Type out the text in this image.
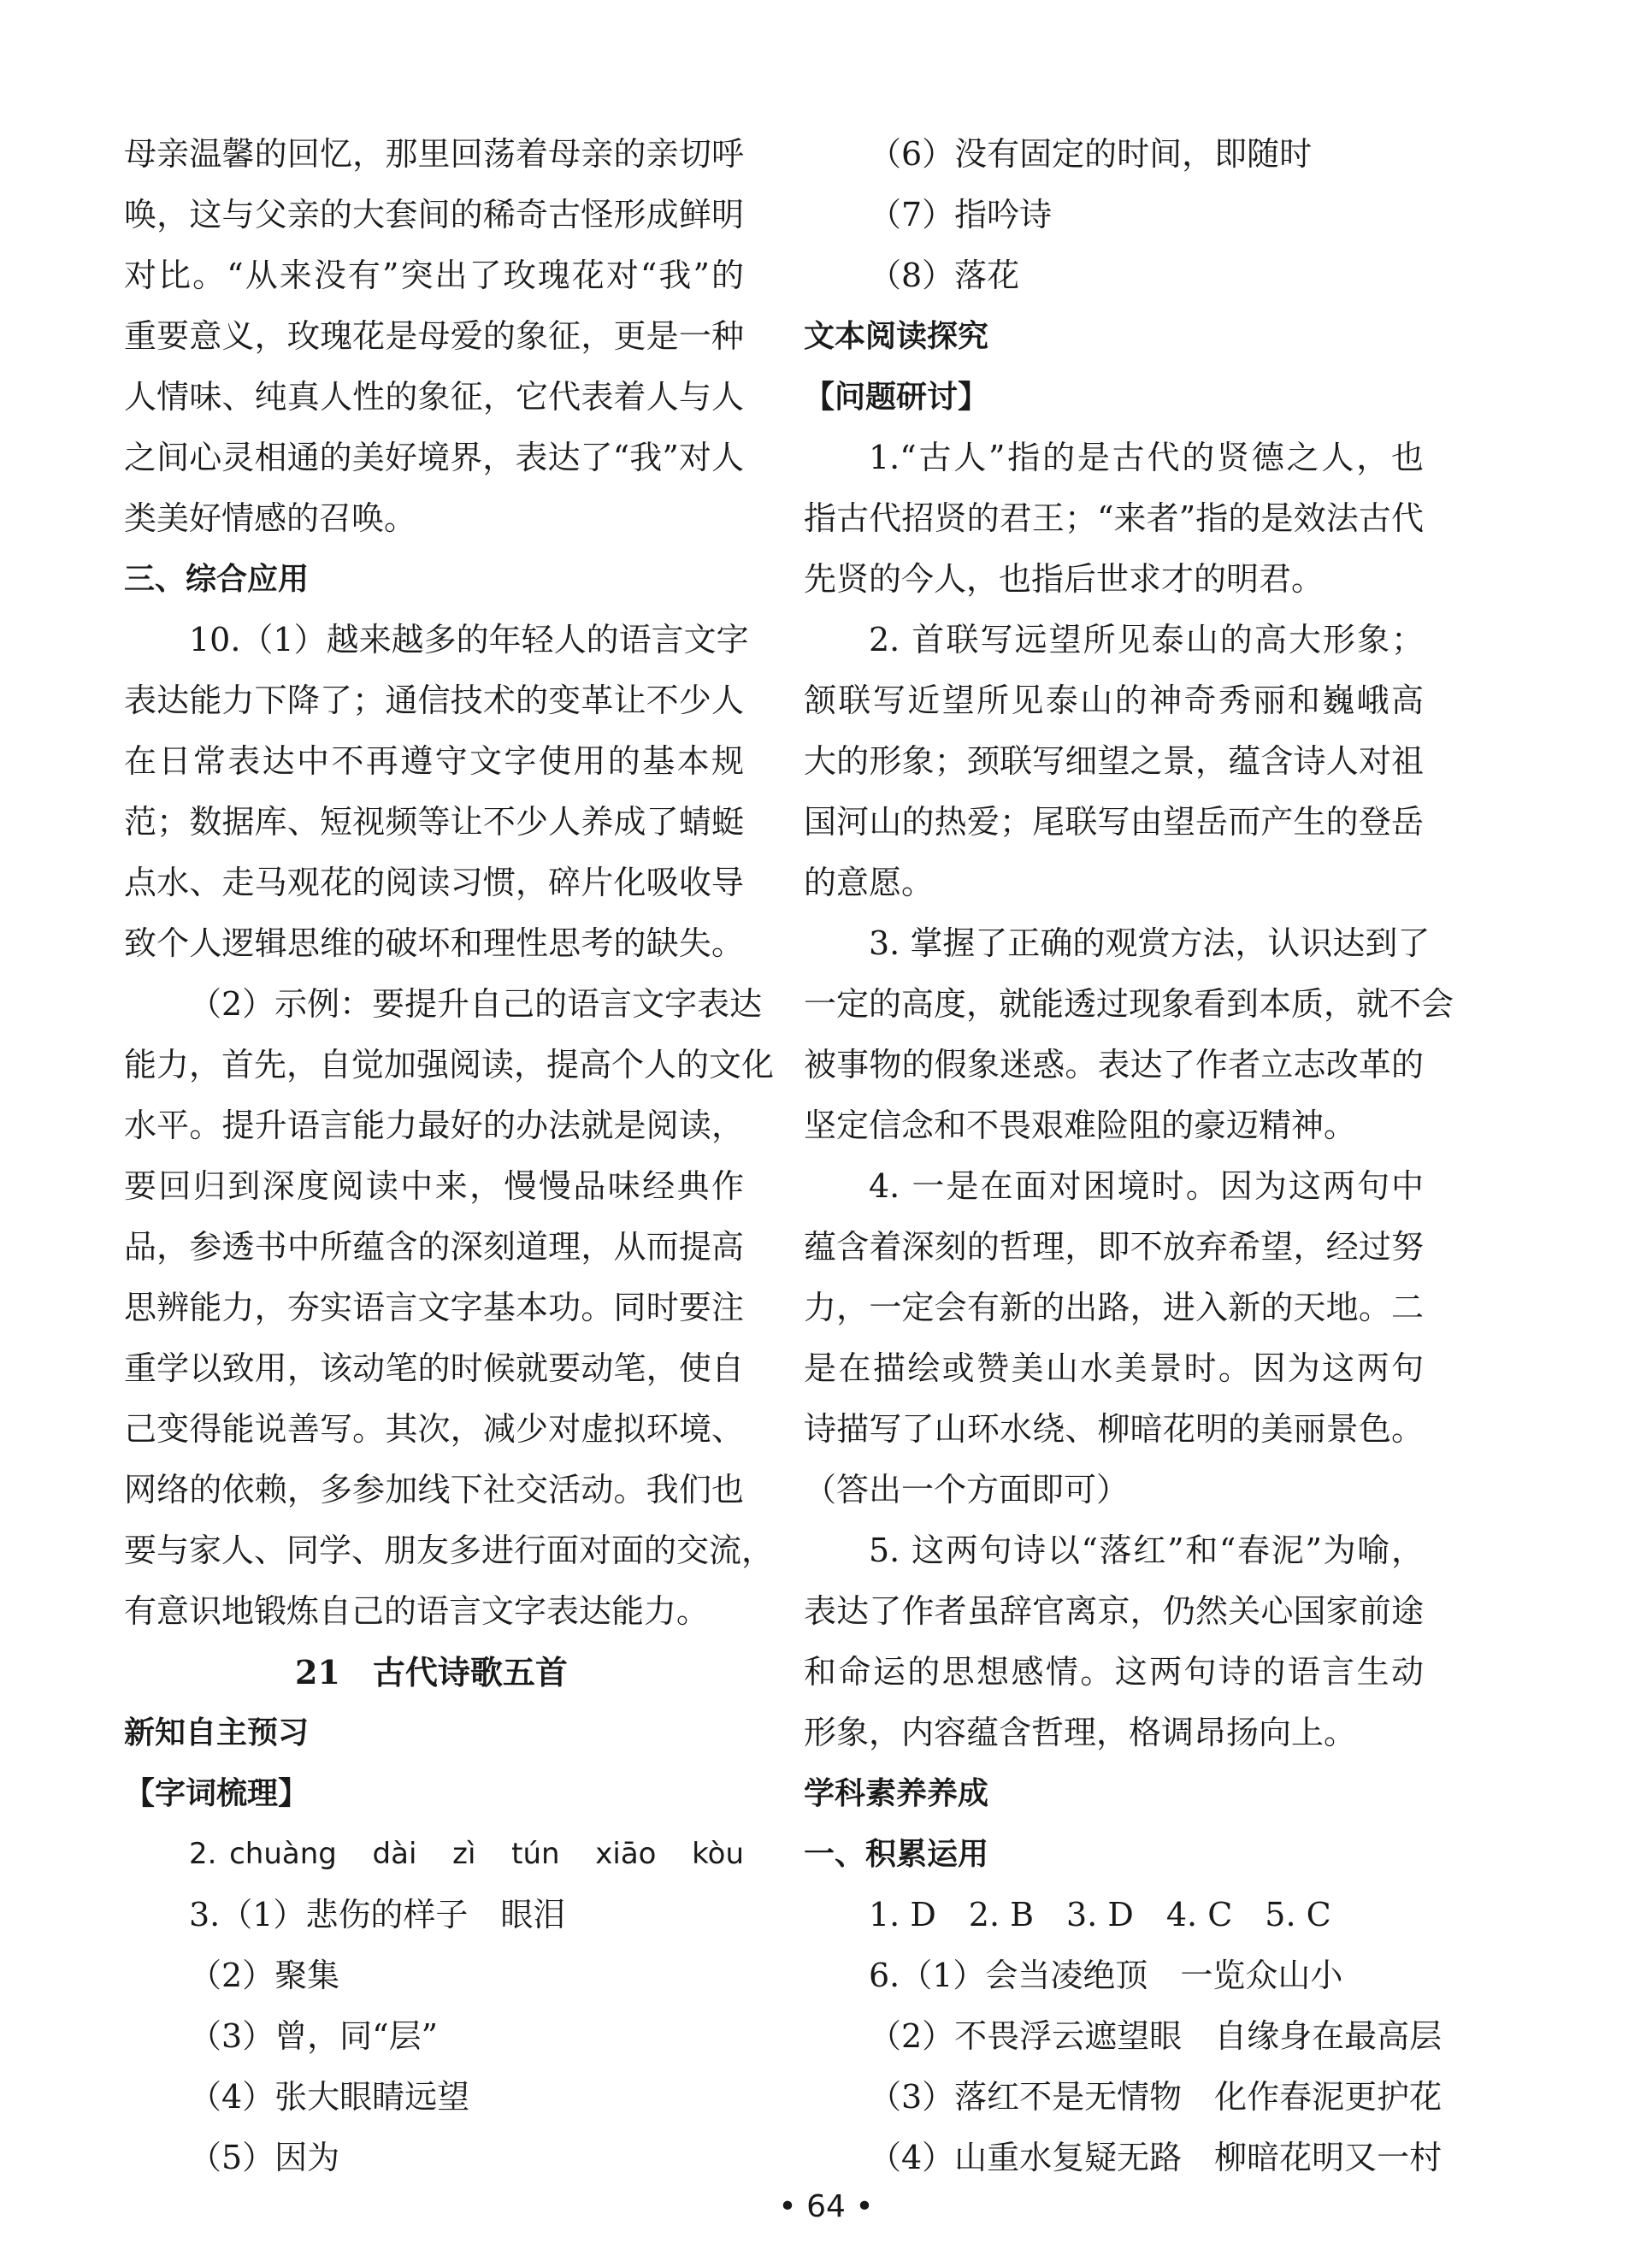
母亲温馨的回忆，那里回荡着母亲的亲切呼
唤，这与父亲的大套间的稀奇古怪形成鲜明
对比。“从来没有”突出了玫瑰花对“我”的
重要意义，玫瑰花是母爱的象征，更是一种
人情味、纯真人性的象征，它代表着人与人
之间心灵相通的美好境界，表达了“我”对人
类美好情感的召唤。
三、综合应用
10.（1）越来越多的年轻人的语言文字
表达能力下降了；通信技术的变革让不少人
在日常表达中不再遵守文字使用的基本规
范；数据库、短视频等让不少人养成了蜻蜓
点水、走马观花的阅读习惯，碎片化吸收导
致个人逻辑思维的破坏和理性思考的缺失。
（2）示例：要提升自己的语言文字表达
能力，首先，自觉加强阅读，提高个人的文化
水平。提升语言能力最好的办法就是阅读，
要回归到深度阅读中来，慢慢品味经典作
品，参透书中所蕴含的深刻道理，从而提高
思辨能力，夯实语言文字基本功。同时要注
重学以致用，该动笔的时候就要动笔，使自
己变得能说善写。其次，减少对虚拟环境、
网络的依赖，多参加线下社交活动。我们也
要与家人、同学、朋友多进行面对面的交流，
有意识地锻炼自己的语言文字表达能力。
21　古代诗歌五首
新知自主预习
【字词梳理】
2. chuàng　dài　zì　tún　xiāo　kòu
3.（1）悲伤的样子　眼泪
（2）聚集
（3）曾，同“层”
（4）张大眼睛远望
（5）因为
（6）没有固定的时间，即随时
（7）指吟诗
（8）落花
文本阅读探究
【问题研讨】
1.“古人”指的是古代的贤德之人，也
指古代招贤的君王；“来者”指的是效法古代
先贤的今人，也指后世求才的明君。
2. 首联写远望所见泰山的高大形象；
颔联写近望所见泰山的神奇秀丽和巍峨高
大的形象；颈联写细望之景，蕴含诗人对祖
国河山的热爱；尾联写由望岳而产生的登岳
的意愿。
3. 掌握了正确的观赏方法，认识达到了
一定的高度，就能透过现象看到本质，就不会
被事物的假象迷惑。表达了作者立志改革的
坚定信念和不畏艰难险阻的豪迈精神。
4. 一是在面对困境时。因为这两句中
蕴含着深刻的哲理，即不放弃希望，经过努
力，一定会有新的出路，进入新的天地。二
是在描绘或赞美山水美景时。因为这两句
诗描写了山环水绕、柳暗花明的美丽景色。
（答出一个方面即可）
5. 这两句诗以“落红”和“春泥”为喻，
表达了作者虽辞官离京，仍然关心国家前途
和命运的思想感情。这两句诗的语言生动
形象，内容蕴含哲理，格调昂扬向上。
学科素养养成
一、积累运用
1. D　2. B　3. D　4. C　5. C
6.（1）会当凌绝顶　一览众山小
（2）不畏浮云遮望眼　自缘身在最高层
（3）落红不是无情物　化作春泥更护花
（4）山重水复疑无路　柳暗花明又一村
• 64 •
